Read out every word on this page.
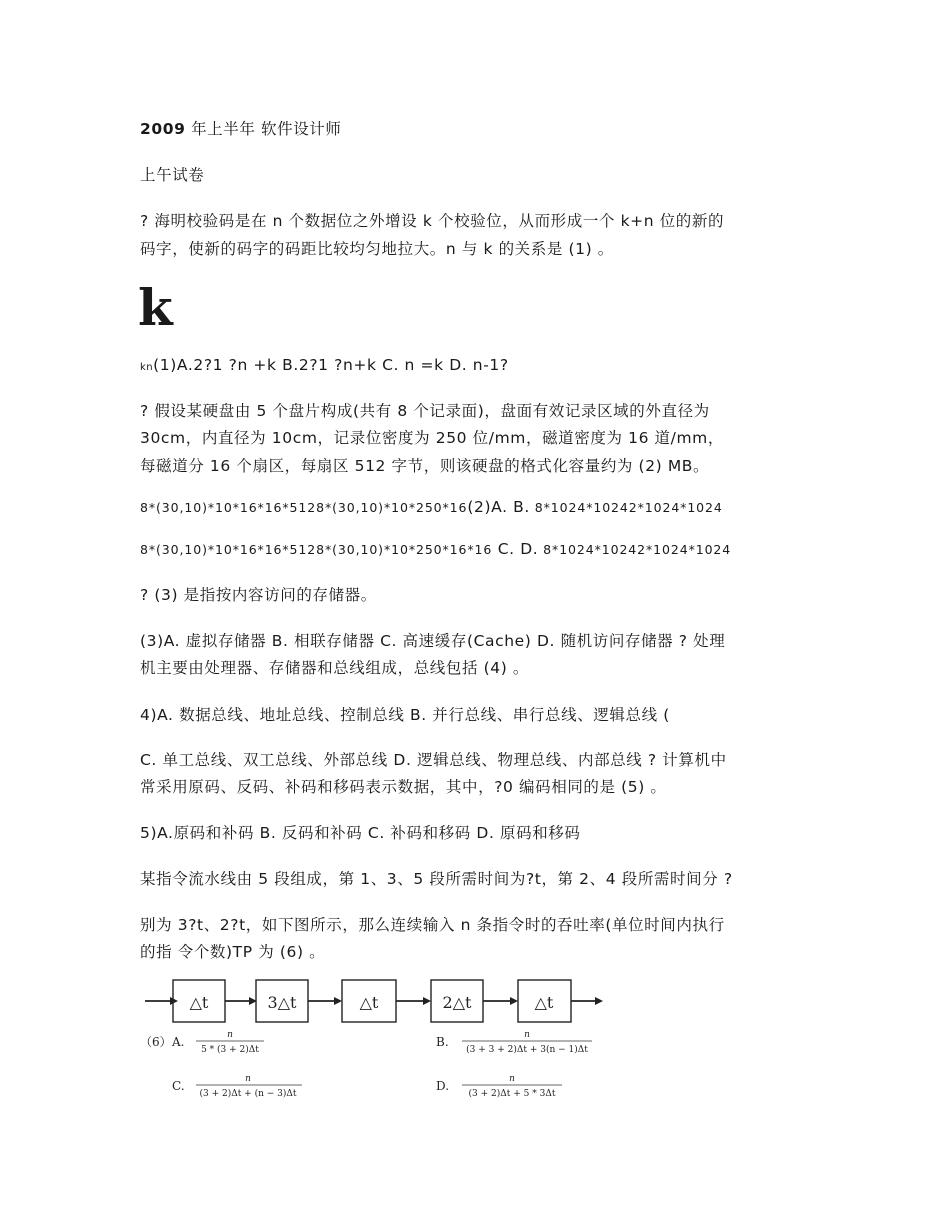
2009 年上半年 软件设计师
上午试卷
? 海明校验码是在 n 个数据位之外增设 k 个校验位，从而形成一个 k+n 位的新的
码字，使新的码字的码距比较均匀地拉大。n 与 k 的关系是 (1) 。
k
kn(1)A.2?1 ?n +k B.2?1 ?n+k C. n =k D. n-1?
? 假设某硬盘由 5 个盘片构成(共有 8 个记录面)，盘面有效记录区域的外直径为
30cm，内直径为 10cm，记录位密度为 250 位/mm，磁道密度为 16 道/mm，
每磁道分 16 个扇区，每扇区 512 字节，则该硬盘的格式化容量约为 (2) MB。
8*(30,10)*10*16*16*5128*(30,10)*10*250*16(2)A. B. 8*1024*10242*1024*1024
8*(30,10)*10*16*16*5128*(30,10)*10*250*16*16 C. D. 8*1024*10242*1024*1024
? (3) 是指按内容访问的存储器。
(3)A. 虚拟存储器 B. 相联存储器 C. 高速缓存(Cache) D. 随机访问存储器 ? 处理
机主要由处理器、存储器和总线组成，总线包括 (4) 。
4)A. 数据总线、地址总线、控制总线 B. 并行总线、串行总线、逻辑总线 (
C. 单工总线、双工总线、外部总线 D. 逻辑总线、物理总线、内部总线 ? 计算机中
常采用原码、反码、补码和移码表示数据，其中，?0 编码相同的是 (5) 。
5)A.原码和补码 B. 反码和补码 C. 补码和移码 D. 原码和移码
某指令流水线由 5 段组成，第 1、3、5 段所需时间为?t，第 2、4 段所需时间分 ?
别为 3?t、2?t，如下图所示，那么连续输入 n 条指令时的吞吐率(单位时间内执行
的指 令个数)TP 为 (6) 。
△t	3△t	△t	2△t	△t
（6） A.	n
5 * (3 + 2)Δt
B.	n
(3 + 3 + 2)Δt + 3(n − 1)Δt
C.	n
(3 + 2)Δt + (n − 3)Δt
D.	n
(3 + 2)Δt + 5 * 3Δt
